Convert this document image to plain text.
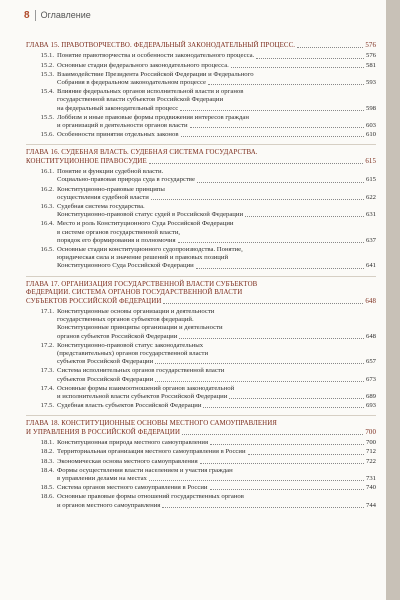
8 Оглавление
ГЛАВА 15. ПРАВОТВОРЧЕСТВО. ФЕДЕРАЛЬНЫЙ ЗАКОНОДАТЕЛЬНЫЙ ПРОЦЕСС.	576
15.1. Понятие правотворчества и особенности законодательного процесса.	576
15.2. Основные стадии федерального законодательного процесса.	581
15.3. Взаимодействие Президента Российской Федерации и Федерального
Собрания в федеральном законодательном процессе	593
15.4. Влияние федеральных органов исполнительной власти и органов
государственной власти субъектов Российской Федерации
на федеральный законодательный процесс	598
15.5. Лоббизм и иные правовые формы продвижения интересов граждан
и организаций в деятельности органов власти	603
15.6. Особенности принятия отдельных законов	610
ГЛАВА 16. СУДЕБНАЯ ВЛАСТЬ. СУДЕБНАЯ СИСТЕМА ГОСУДАРСТВА.
КОНСТИТУЦИОННОЕ ПРАВОСУДИЕ	615
16.1. Понятие и функции судебной власти.
Социально-правовая природа суда в государстве	615
16.2. Конституционно-правовые принципы
осуществления судебной власти	622
16.3. Судебная система государства.
Конституционно-правовой статус судей в Российской Федерации	631
16.4. Место и роль Конституционного Суда Российской Федерации
в системе органов государственной власти,
порядок его формирования и полномочия	637
16.5. Основные стадии конституционного судопроизводства. Понятие,
юридическая сила и значение решений и правовых позиций
Конституционного Суда Российской Федерации	641
ГЛАВА 17. ОРГАНИЗАЦИЯ ГОСУДАРСТВЕННОЙ ВЛАСТИ СУБЪЕКТОВ
ФЕДЕРАЦИИ. СИСТЕМА ОРГАНОВ ГОСУДАРСТВЕННОЙ ВЛАСТИ
СУБЪЕКТОВ РОССИЙСКОЙ ФЕДЕРАЦИИ	648
17.1. Конституционные основы организации и деятельности
государственных органов субъектов федераций.
Конституционные принципы организации и деятельности
органов субъектов Российской Федерации	648
17.2. Конституционно-правовой статус законодательных
(представительных) органов государственной власти
субъектов Российской Федерации	657
17.3. Система исполнительных органов государственной власти
субъектов Российской Федерации	673
17.4. Основные формы взаимоотношений органов законодательной
и исполнительной власти субъектов Российской Федерации	689
17.5. Судебная власть субъектов Российской Федерации	693
ГЛАВА 18. КОНСТИТУЦИОННЫЕ ОСНОВЫ МЕСТНОГО САМОУПРАВЛЕНИЯ
И УПРАВЛЕНИЯ В РОССИЙСКОЙ ФЕДЕРАЦИИ	700
18.1. Конституционная природа местного самоуправления	700
18.2. Территориальная организация местного самоуправления в России	712
18.3. Экономическая основа местного самоуправления	722
18.4. Формы осуществления власти населением и участия граждан
в управлении делами на местах	731
18.5. Система органов местного самоуправления в России	740
18.6. Основные правовые формы отношений государственных органов
и органов местного самоуправления	744
